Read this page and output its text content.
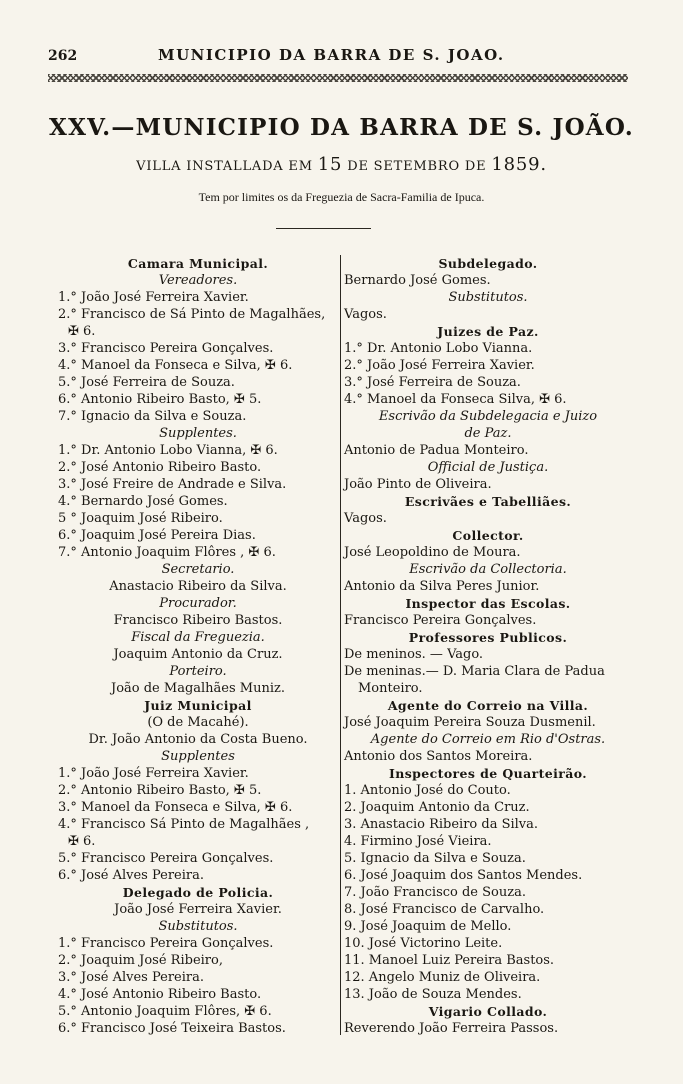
262	MUNICIPIO DA BARRA DE S. JOAO.
XXV.—MUNICIPIO DA BARRA DE S. JOÃO.
VILLA INSTALLADA EM 15 DE SETEMBRO DE 1859.
Tem por limites os da Freguezia de Sacra-Familia de Ipuca.
Camara Municipal.
Vereadores.
1.° João José Ferreira Xavier.
2.° Francisco de Sá Pinto de Magalhães,
✠ 6.
3.° Francisco Pereira Gonçalves.
4.° Manoel da Fonseca e Silva, ✠ 6.
5.° José Ferreira de Souza.
6.° Antonio Ribeiro Basto, ✠ 5.
7.° Ignacio da Silva e Souza.
Supplentes.
1.° Dr. Antonio Lobo Vianna, ✠ 6.
2.° José Antonio Ribeiro Basto.
3.° José Freire de Andrade e Silva.
4.° Bernardo José Gomes.
5 ° Joaquim José Ribeiro.
6.° Joaquim José Pereira Dias.
7.° Antonio Joaquim Flôres , ✠ 6.
Secretario.
Anastacio Ribeiro da Silva.
Procurador.
Francisco Ribeiro Bastos.
Fiscal da Freguezia.
Joaquim Antonio da Cruz.
Porteiro.
João de Magalhães Muniz.
Juiz Municipal
(O de Macahé).
Dr. João Antonio da Costa Bueno.
Supplentes
1.° João José Ferreira Xavier.
2.° Antonio Ribeiro Basto, ✠ 5.
3.° Manoel da Fonseca e Silva, ✠ 6.
4.° Francisco Sá Pinto de Magalhães ,
✠ 6.
5.° Francisco Pereira Gonçalves.
6.° José Alves Pereira.
Delegado de Policia.
João José Ferreira Xavier.
Substitutos.
1.° Francisco Pereira Gonçalves.
2.° Joaquim José Ribeiro,
3.° José Alves Pereira.
4.° José Antonio Ribeiro Basto.
5.° Antonio Joaquim Flôres, ✠ 6.
6.° Francisco José Teixeira Bastos.
Subdelegado.
Bernardo José Gomes.
Substitutos.
Vagos.
Juizes de Paz.
1.° Dr. Antonio Lobo Vianna.
2.° João José Ferreira Xavier.
3.° José Ferreira de Souza.
4.° Manoel da Fonseca Silva, ✠ 6.
Escrivão da Subdelegacia e Juizo
de Paz.
Antonio de Padua Monteiro.
Official de Justiça.
João Pinto de Oliveira.
Escrivães e Tabelliães.
Vagos.
Collector.
José Leopoldino de Moura.
Escrivão da Collectoria.
Antonio da Silva Peres Junior.
Inspector das Escolas.
Francisco Pereira Gonçalves.
Professores Publicos.
De meninos. — Vago.
De meninas.— D. Maria Clara de Padua
Monteiro.
Agente do Correio na Villa.
José Joaquim Pereira Souza Dusmenil.
Agente do Correio em Rio d'Ostras.
Antonio dos Santos Moreira.
Inspectores de Quarteirão.
1. Antonio José do Couto.
2. Joaquim Antonio da Cruz.
3. Anastacio Ribeiro da Silva.
4. Firmino José Vieira.
5. Ignacio da Silva e Souza.
6. José Joaquim dos Santos Mendes.
7. João Francisco de Souza.
8. José Francisco de Carvalho.
9. José Joaquim de Mello.
10. José Victorino Leite.
11. Manoel Luiz Pereira Bastos.
12. Angelo Muniz de Oliveira.
13. João de Souza Mendes.
Vigario Collado.
Reverendo João Ferreira Passos.
